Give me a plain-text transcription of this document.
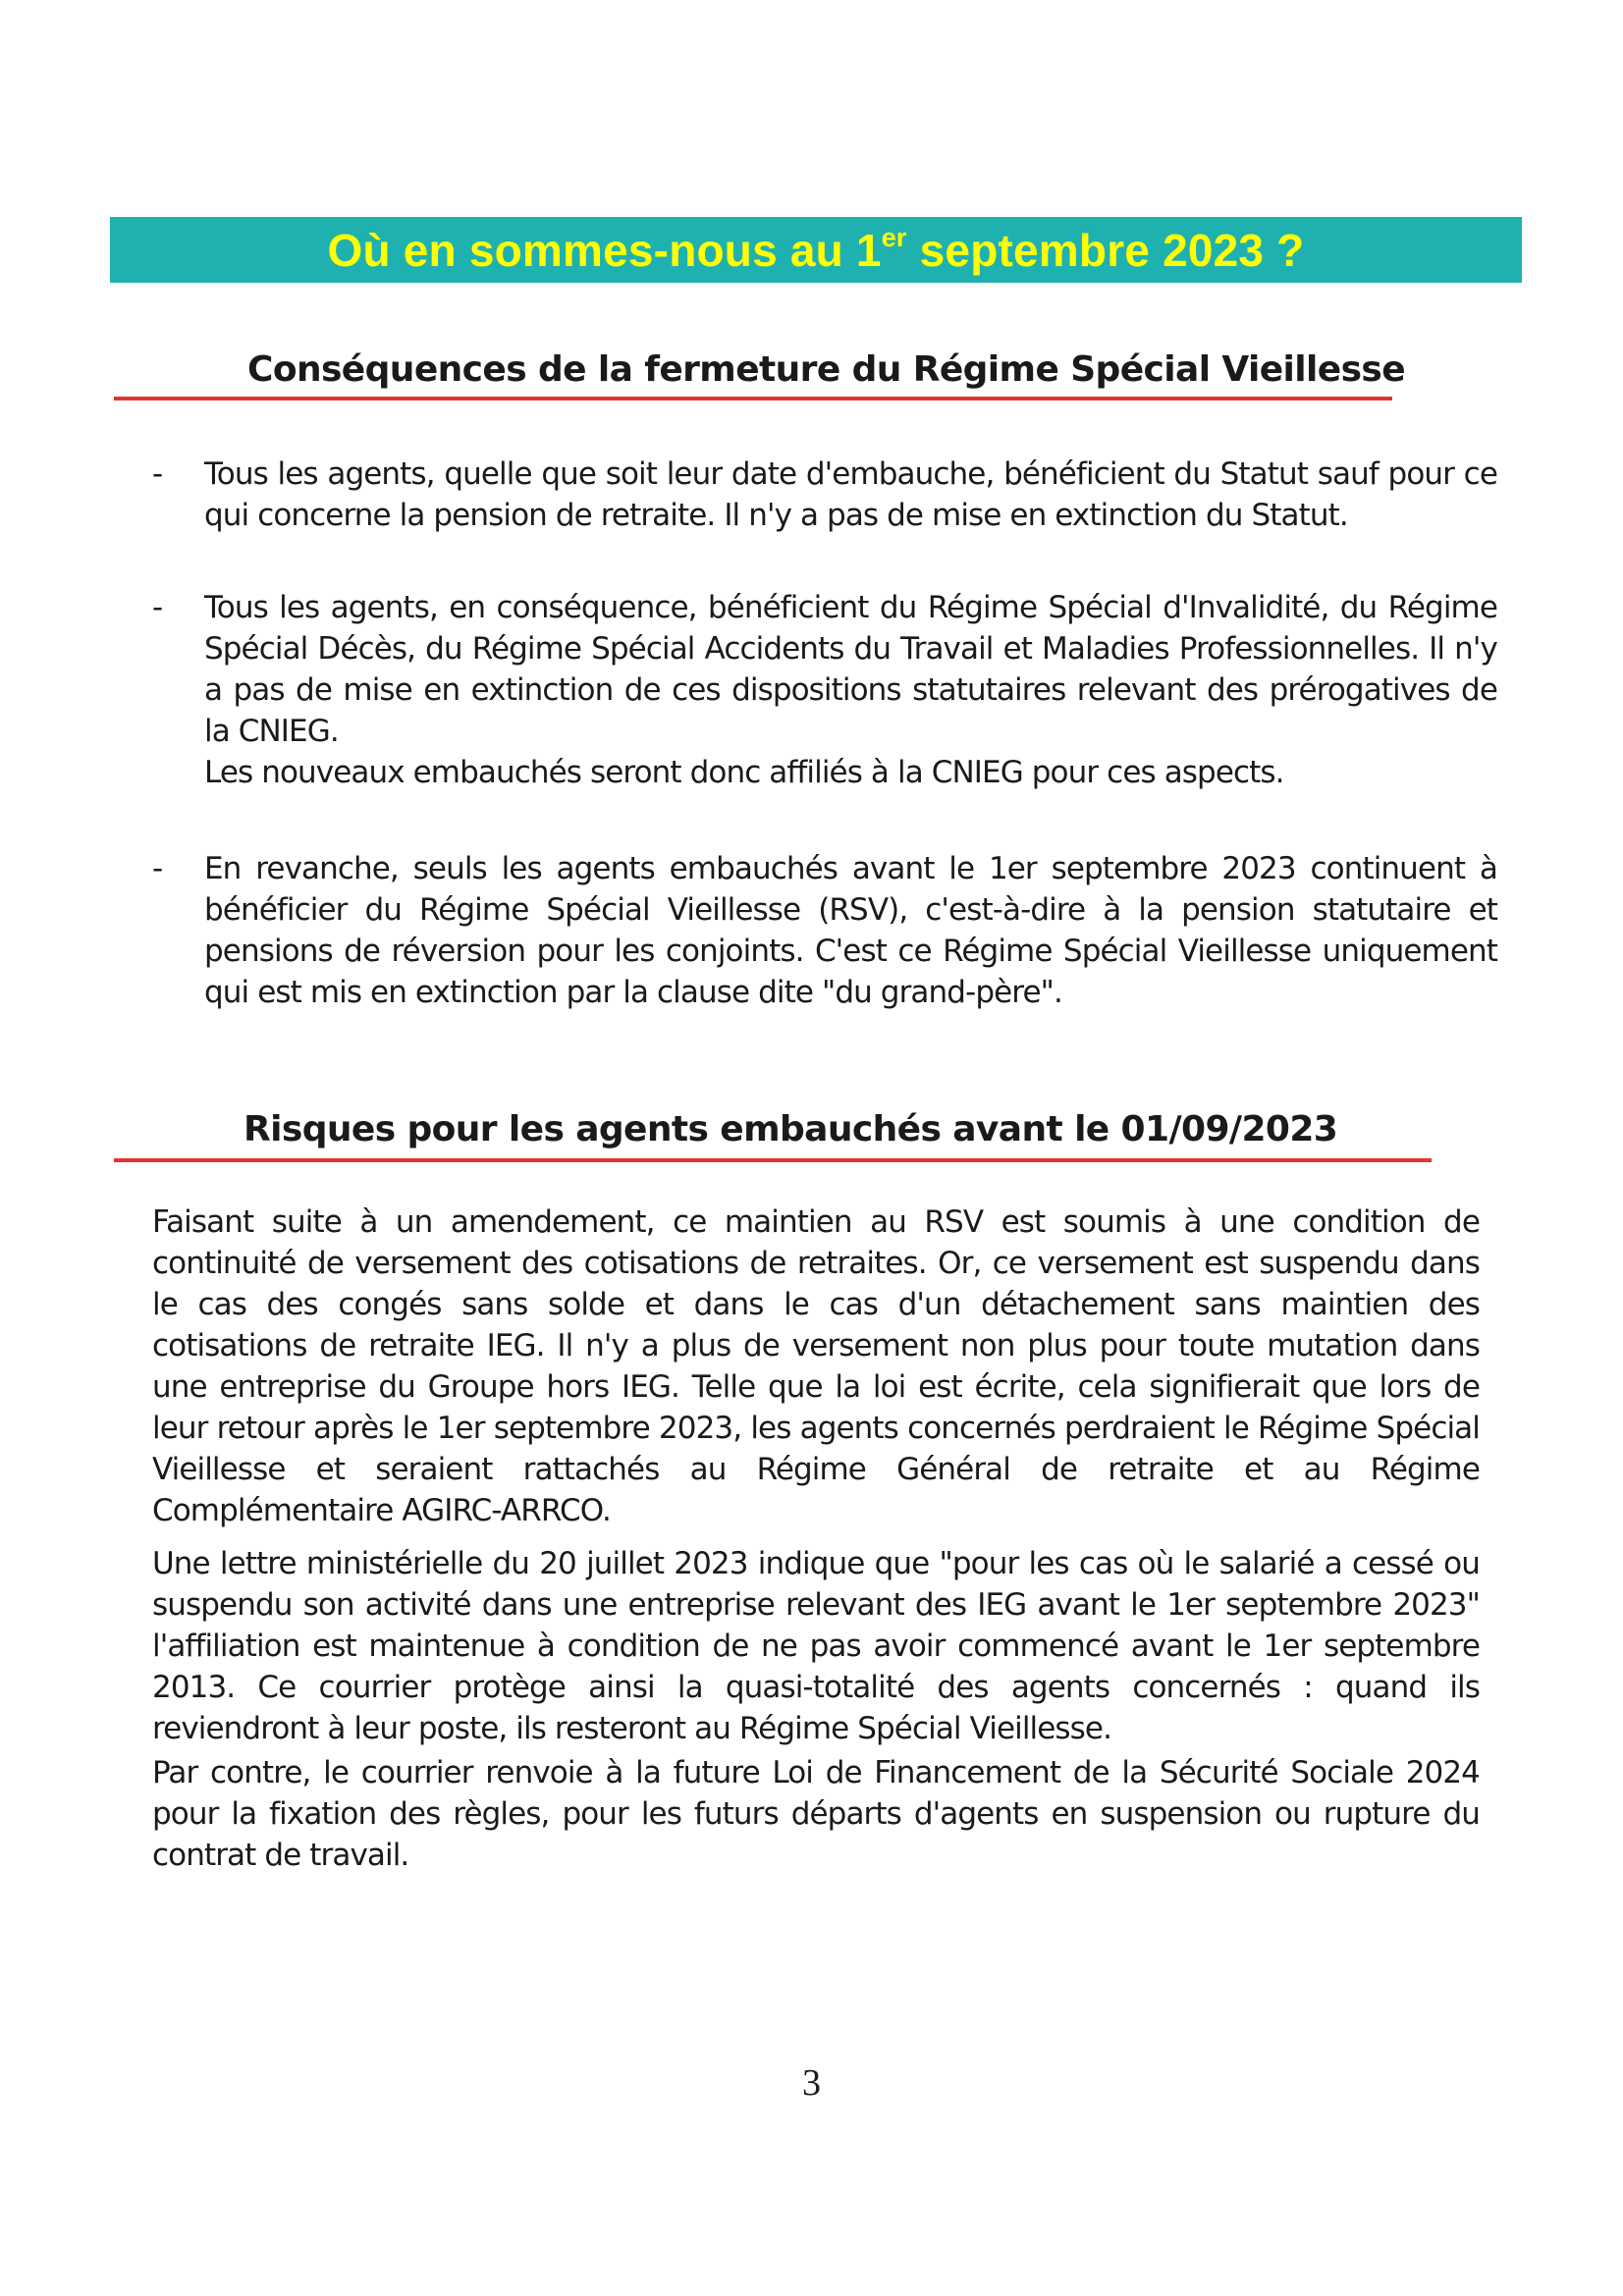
Où en sommes-nous au 1er septembre 2023 ?
Conséquences de la fermeture du Régime Spécial Vieillesse
- Tous les agents, quelle que soit leur date d'embauche, bénéficient du Statut sauf pour ce qui concerne la pension de retraite. Il n'y a pas de mise en extinction du Statut.

- Tous les agents, en conséquence, bénéficient du Régime Spécial d'Invalidité, du Régime Spécial Décès, du Régime Spécial Accidents du Travail et Maladies Professionnelles. Il n'y a pas de mise en extinction de ces dispositions statutaires relevant des prérogatives de la CNIEG.

Les nouveaux embauchés seront donc affiliés à la CNIEG pour ces aspects.

- En revanche, seuls les agents embauchés avant le 1er septembre 2023 continuent à bénéficier du Régime Spécial Vieillesse (RSV), c'est-à-dire à la pension statutaire et pensions de réversion pour les conjoints. C'est ce Régime Spécial Vieillesse uniquement qui est mis en extinction par la clause dite "du grand-père".

Risques pour les agents embauchés avant le 01/09/2023

Faisant suite à un amendement, ce maintien au RSV est soumis à une condition de continuité de versement des cotisations de retraites. Or, ce versement est suspendu dans le cas des congés sans solde et dans le cas d'un détachement sans maintien des cotisations de retraite IEG. Il n'y a plus de versement non plus pour toute mutation dans une entreprise du Groupe hors IEG. Telle que la loi est écrite, cela signifierait que lors de leur retour après le 1er septembre 2023, les agents concernés perdraient le Régime Spécial Vieillesse et seraient rattachés au Régime Général de retraite et au Régime Complémentaire AGIRC-ARRCO.

Une lettre ministérielle du 20 juillet 2023 indique que "pour les cas où le salarié a cessé ou suspendu son activité dans une entreprise relevant des IEG avant le 1er septembre 2023" l'affiliation est maintenue à condition de ne pas avoir commencé avant le 1er septembre 2013. Ce courrier protège ainsi la quasi-totalité des agents concernés : quand ils reviendront à leur poste, ils resteront au Régime Spécial Vieillesse.

Par contre, le courrier renvoie à la future Loi de Financement de la Sécurité Sociale 2024 pour la fixation des règles, pour les futurs départs d'agents en suspension ou rupture du contrat de travail.

3
